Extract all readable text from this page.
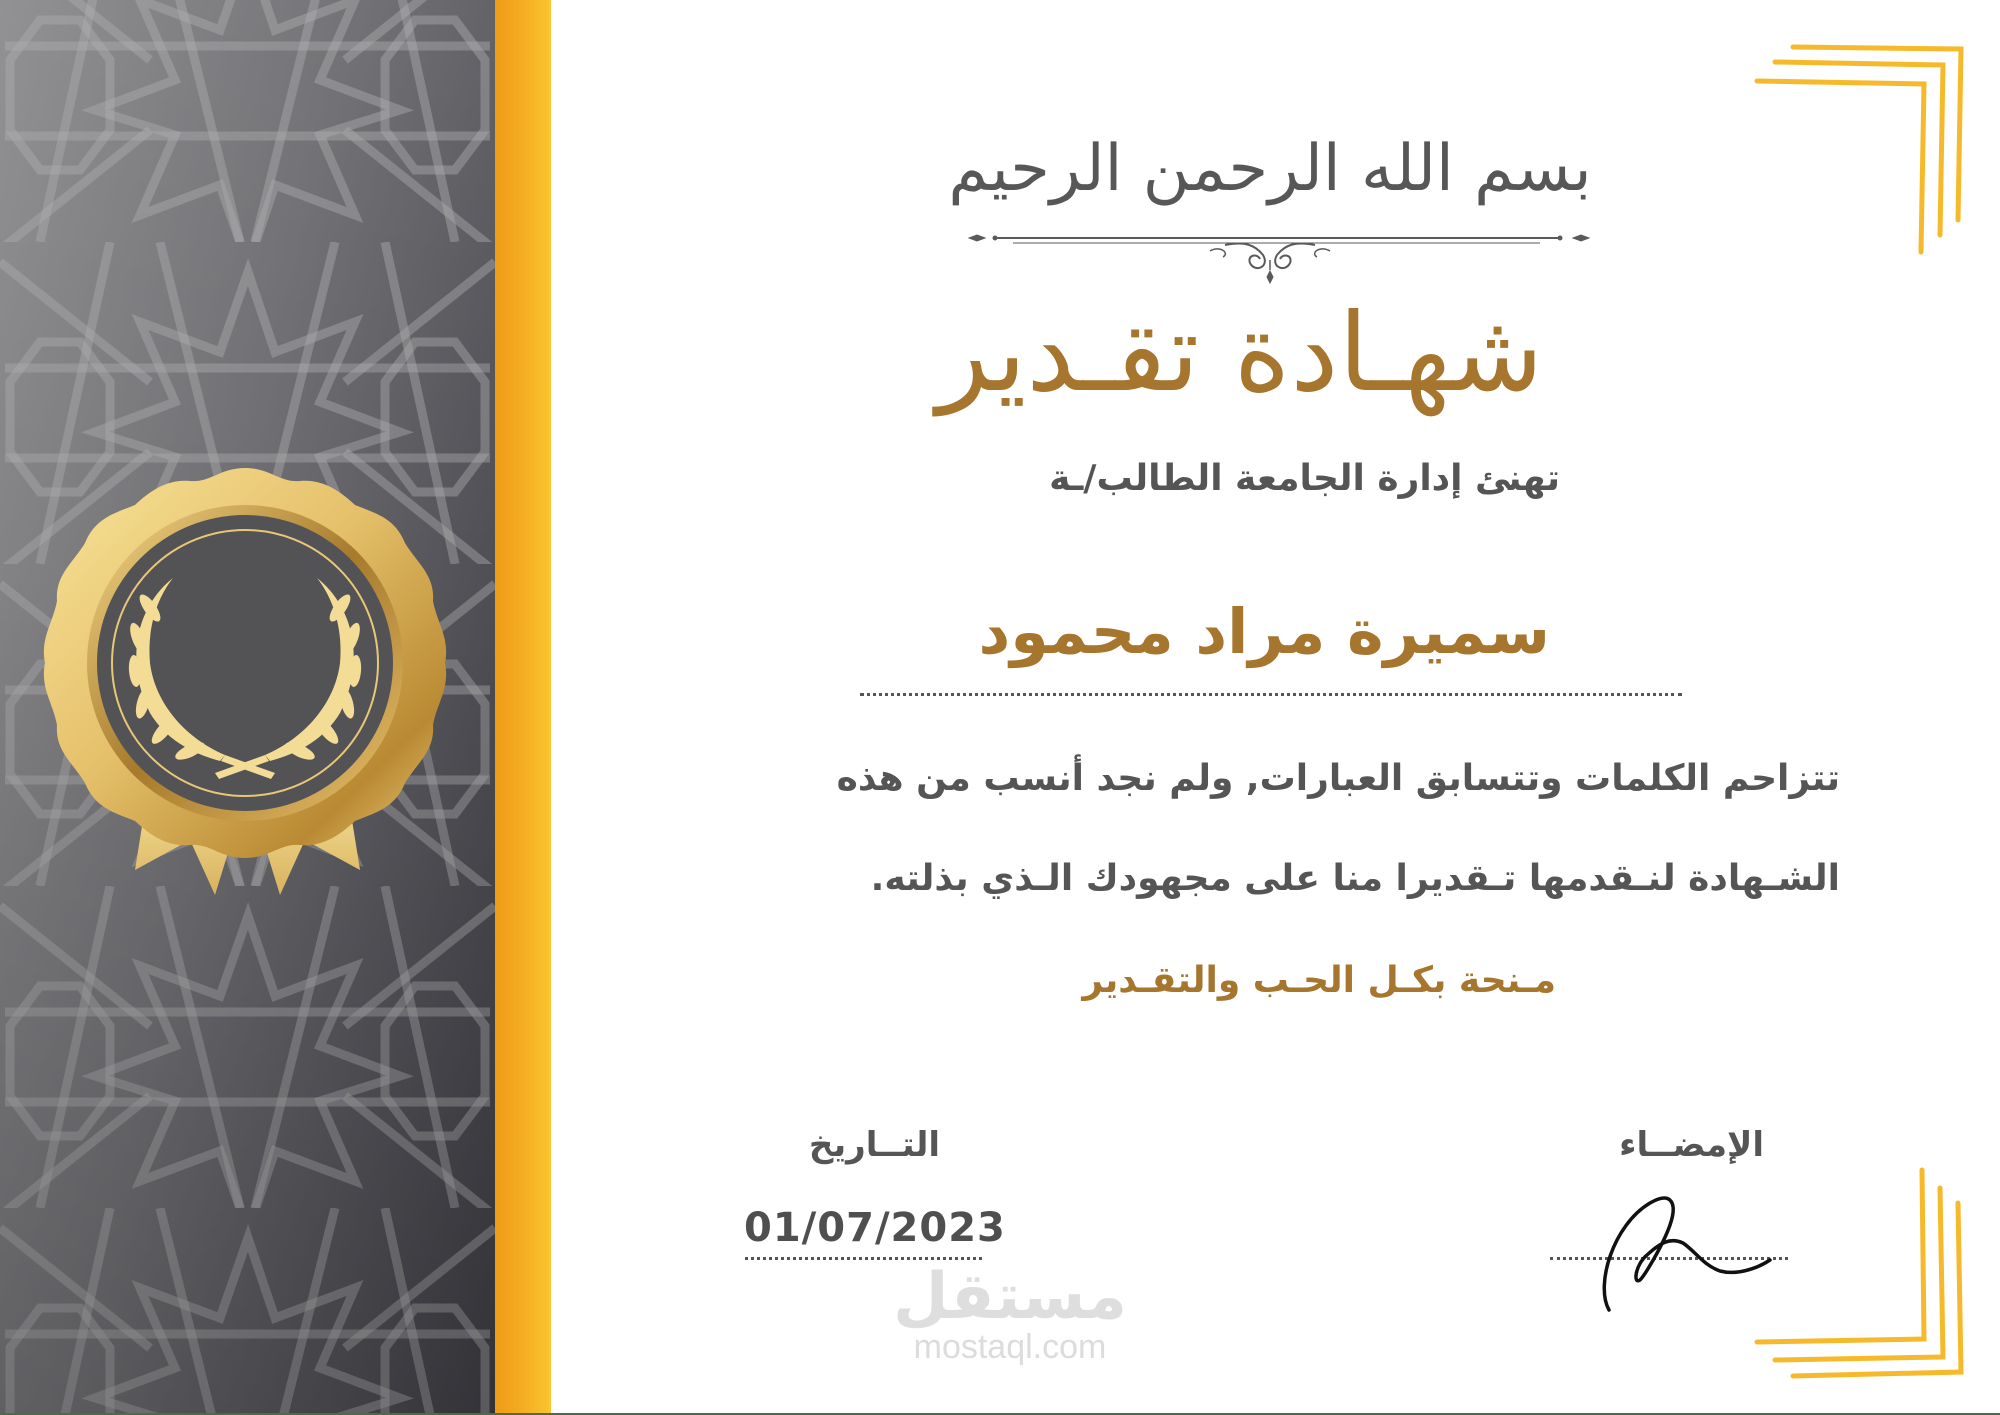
بسم الله الرحمن الرحيم
شهـادة تقـدير
تهنئ إدارة الجامعة الطالب/ـة
سميرة مراد محمود
تتزاحم الكلمات وتتسابق العبارات, ولم نجد أنسب من هذه
الشـهادة لنـقدمها تـقديرا منا على مجهودك الـذي بذلته.
مـنحة بكـل الحـب والتقـدير
التــاريخ
01/07/2023
الإمضــاء
مستقل
mostaql.com
